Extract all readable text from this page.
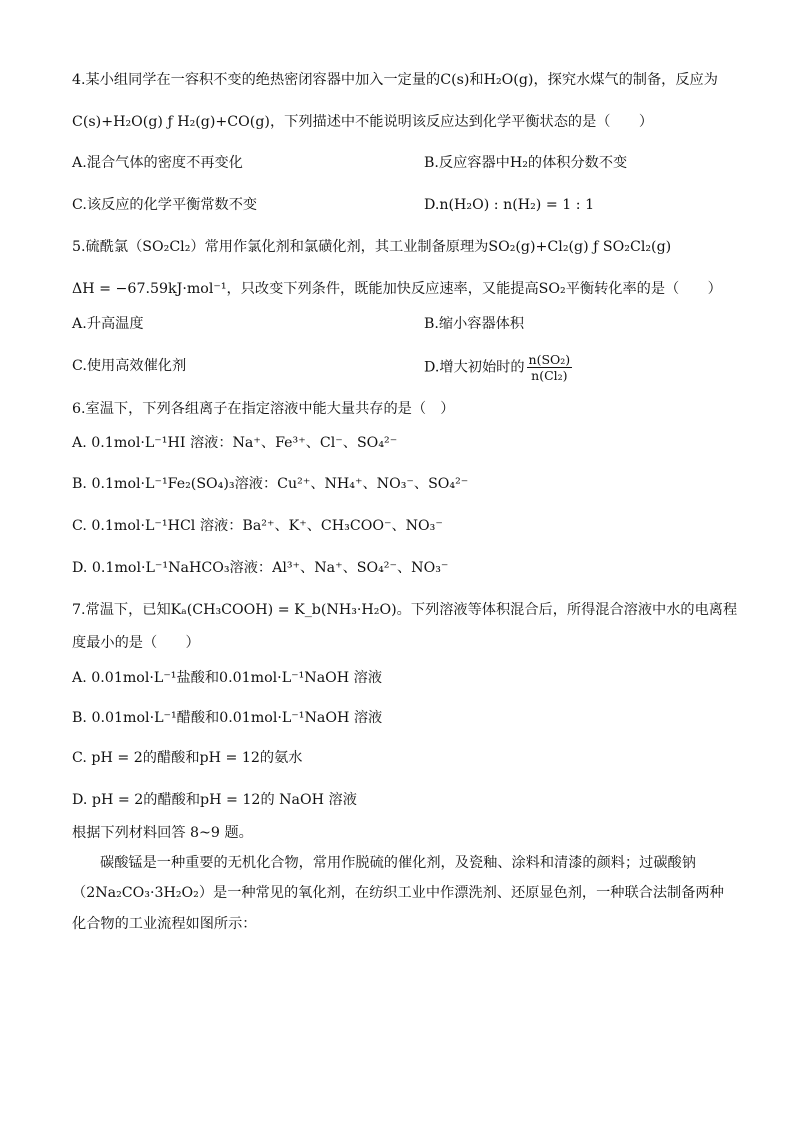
4.某小组同学在一容积不变的绝热密闭容器中加入一定量的C(s)和H₂O(g)，探究水煤气的制备，反应为
C(s)+H₂O(g) ƒ H₂(g)+CO(g)，下列描述中不能说明该反应达到化学平衡状态的是（　　）
A.混合气体的密度不再变化	B.反应容器中H₂的体积分数不变
C.该反应的化学平衡常数不变	D.n(H₂O) : n(H₂) = 1 : 1
5.硫酰氯（SO₂Cl₂）常用作氯化剂和氯磺化剂，其工业制备原理为SO₂(g)+Cl₂(g) ƒ SO₂Cl₂(g)
ΔH = −67.59kJ·mol⁻¹，只改变下列条件，既能加快反应速率，又能提高SO₂平衡转化率的是（　　）
A.升高温度	B.缩小容器体积
C.使用高效催化剂	D.增大初始时的 $\frac{\text{n(SO₂)}}{\text{n(Cl₂)}}$
6.室温下，下列各组离子在指定溶液中能大量共存的是（　）
A. 0.1mol·L⁻¹HI 溶液：Na⁺、Fe³⁺、Cl⁻、SO₄²⁻
B. 0.1mol·L⁻¹Fe₂(SO₄)₃溶液：Cu²⁺、NH₄⁺、NO₃⁻、SO₄²⁻
C. 0.1mol·L⁻¹HCl 溶液：Ba²⁺、K⁺、CH₃COO⁻、NO₃⁻
D. 0.1mol·L⁻¹NaHCO₃溶液：Al³⁺、Na⁺、SO₄²⁻、NO₃⁻
7.常温下，已知Kₐ(CH₃COOH) = K_b(NH₃·H₂O)。下列溶液等体积混合后，所得混合溶液中水的电离程
度最小的是（　　）
A. 0.01mol·L⁻¹盐酸和0.01mol·L⁻¹NaOH 溶液
B. 0.01mol·L⁻¹醋酸和0.01mol·L⁻¹NaOH 溶液
C. pH = 2的醋酸和pH = 12的氨水
D. pH = 2的醋酸和pH = 12的 NaOH 溶液
根据下列材料回答 8~9 题。
碳酸锰是一种重要的无机化合物，常用作脱硫的催化剂，及瓷釉、涂料和清漆的颜料；过碳酸钠
（2Na₂CO₃·3H₂O₂）是一种常见的氧化剂，在纺织工业中作漂洗剂、还原显色剂，一种联合法制备两种
化合物的工业流程如图所示：
